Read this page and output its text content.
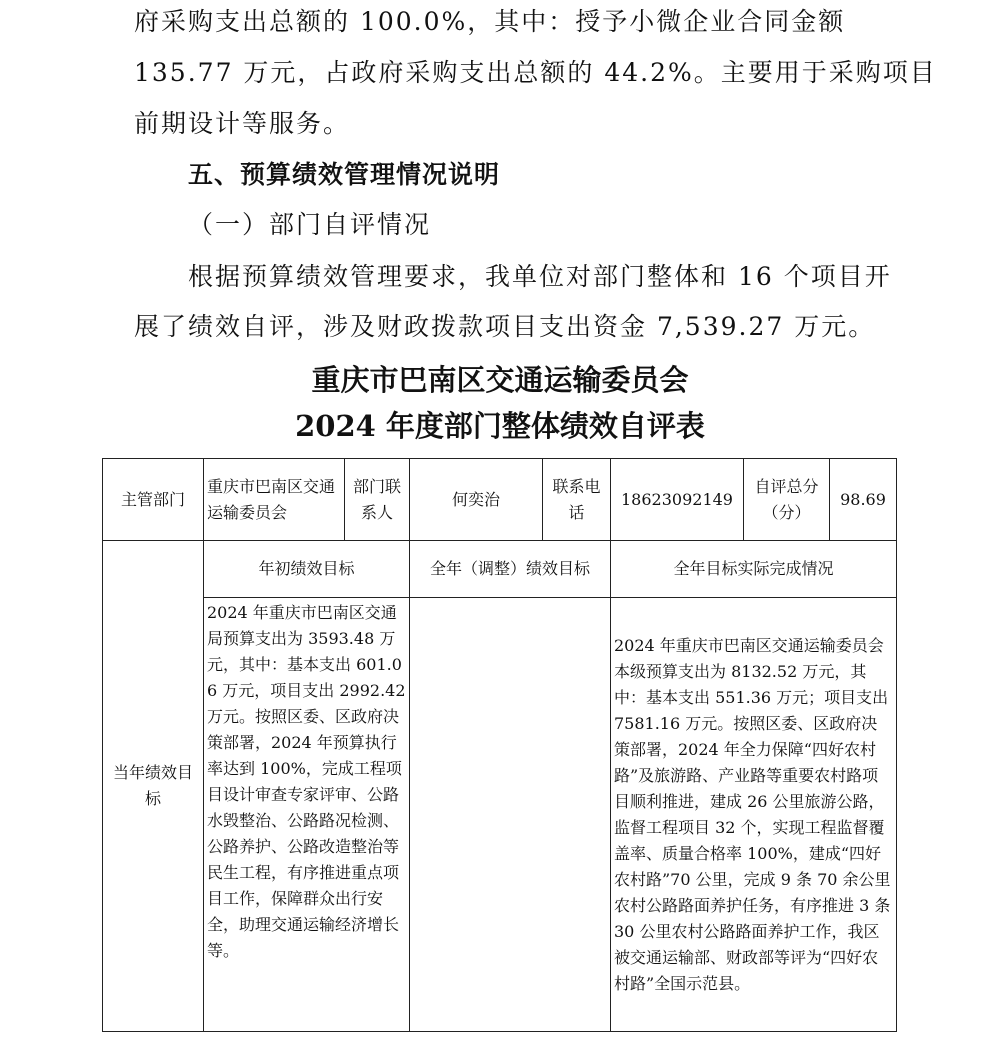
府采购支出总额的 100.0%，其中：授予小微企业合同金额

135.77 万元，占政府采购支出总额的 44.2%。主要用于采购项目

前期设计等服务。

五、预算绩效管理情况说明

（一）部门自评情况

根据预算绩效管理要求，我单位对部门整体和 16 个项目开

展了绩效自评，涉及财政拨款项目支出资金 7,539.27 万元。

重庆市巴南区交通运输委员会

2024 年度部门整体绩效自评表

主管部门	重庆市巴南区交通运输委员会	部门联系人	何奕治	联系电话	18623092149	自评总分（分）	98.69
当年绩效目标	年初绩效目标		全年（调整）绩效目标		全年目标实际完成情况		
	2024 年重庆市巴南区交通局预算支出为 3593.48 万元，其中：基本支出 601.06 万元，项目支出 2992.42 万元。按照区委、区政府决策部署，2024 年预算执行率达到 100%，完成工程项目设计审查专家评审、公路水毁整治、公路路况检测、公路养护、公路改造整治等民生工程，有序推进重点项目工作，保障群众出行安全，助理交通运输经济增长等。				2024 年重庆市巴南区交通运输委员会本级预算支出为 8132.52 万元，其中：基本支出 551.36 万元；项目支出 7581.16 万元。按照区委、区政府决策部署，2024 年全力保障“四好农村路”及旅游路、产业路等重要农村路项目顺利推进，建成 26 公里旅游公路，监督工程项目 32 个，实现工程监督覆盖率、质量合格率 100%，建成“四好农村路”70 公里，完成 9 条 70 余公里农村公路路面养护任务，有序推进 3 条 30 公里农村公路路面养护工作，我区被交通运输部、财政部等评为“四好农村路”全国示范县。		
